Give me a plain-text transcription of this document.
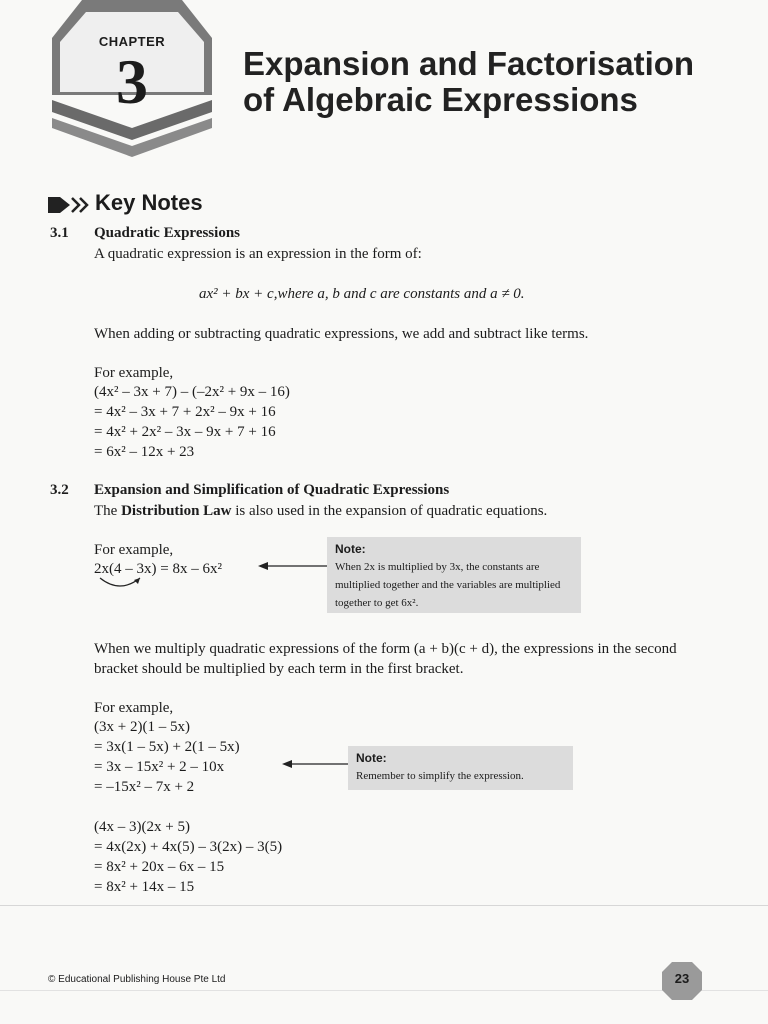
CHAPTER
3	Expansion and Factorisation
of Algebraic Expressions
Key Notes
3.1 Quadratic Expressions
A quadratic expression is an expression in the form of:
ax² + bx + c,where a, b and c are constants and a ≠ 0.
When adding or subtracting quadratic expressions, we add and subtract like terms.
For example,
(4x² – 3x + 7) – (–2x² + 9x – 16)
= 4x² – 3x + 7 + 2x² – 9x + 16
= 4x² + 2x² – 3x – 9x + 7 + 16
= 6x² – 12x + 23
3.2 Expansion and Simplification of Quadratic Expressions
The Distribution Law is also used in the expansion of quadratic equations.
For example,
2x(4 – 3x) = 8x – 6x²
Note:
When 2x is multiplied by 3x, the constants are multiplied together and the variables are multiplied together to get 6x².
When we multiply quadratic expressions of the form (a + b)(c + d), the expressions in the second bracket should be multiplied by each term in the first bracket.
For example,
(3x + 2)(1 – 5x)
= 3x(1 – 5x) + 2(1 – 5x)
= 3x – 15x² + 2 – 10x
= –15x² – 7x + 2
Note:
Remember to simplify the expression.
(4x – 3)(2x + 5)
= 4x(2x) + 4x(5) – 3(2x) – 3(5)
= 8x² + 20x – 6x – 15
= 8x² + 14x – 15
© Educational Publishing House Pte Ltd	23
